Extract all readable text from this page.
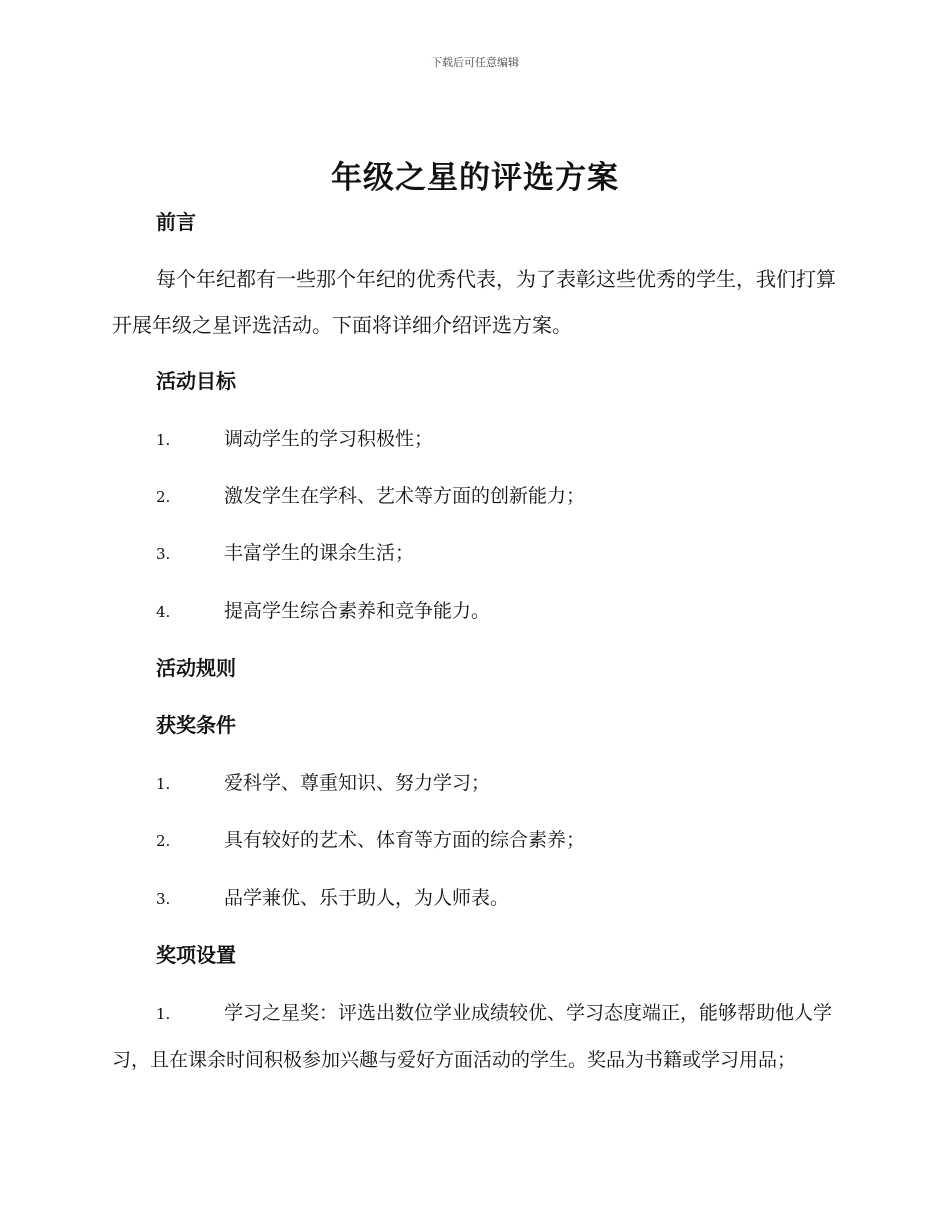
下载后可任意编辑
年级之星的评选方案
前言

每个年纪都有一些那个年纪的优秀代表，为了表彰这些优秀的学生，我们打算开展年级之星评选活动。下面将详细介绍评选方案。

活动目标
1.	调动学生的学习积极性；
2.	激发学生在学科、艺术等方面的创新能力；
3.	丰富学生的课余生活；
4.	提高学生综合素养和竞争能力。
活动规则
获奖条件
1.	爱科学、尊重知识、努力学习；
2.	具有较好的艺术、体育等方面的综合素养；
3.	品学兼优、乐于助人，为人师表。
奖项设置
1.	学习之星奖：评选出数位学业成绩较优、学习态度端正，能够帮助他人学习，且在课余时间积极参加兴趣与爱好方面活动的学生。奖品为书籍或学习用品；
